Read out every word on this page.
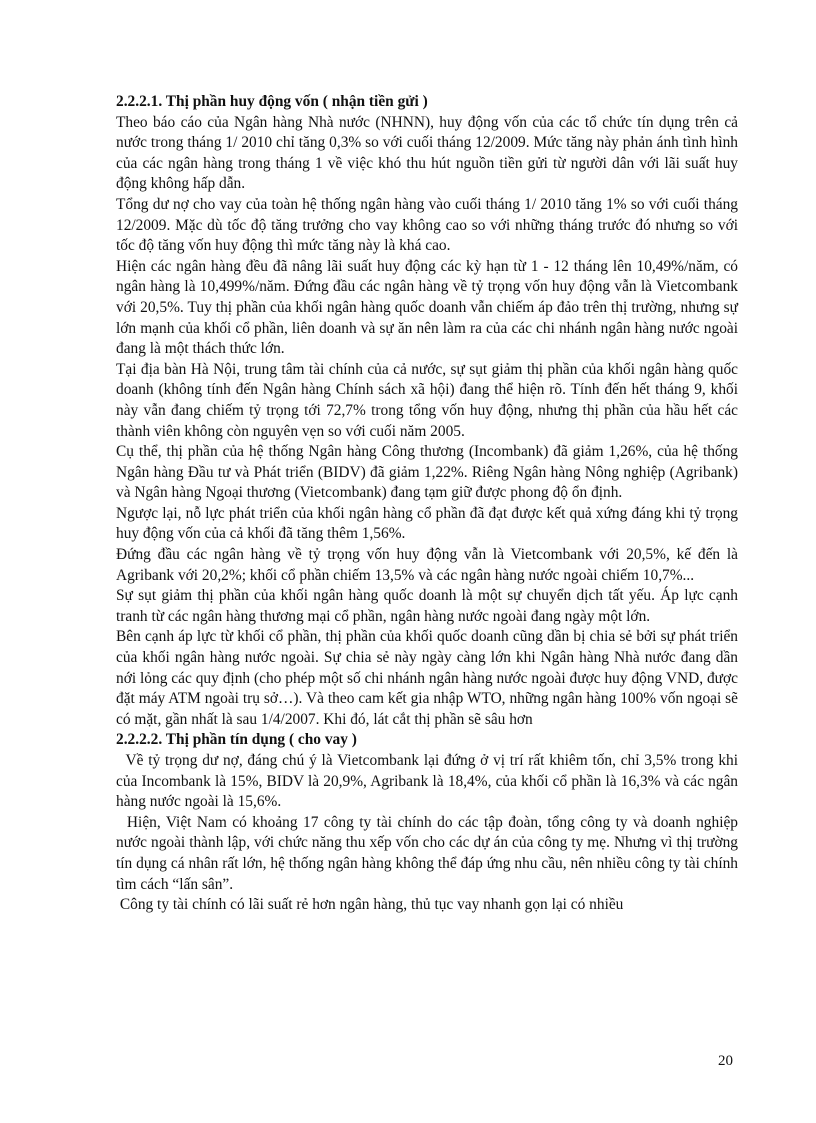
2.2.2.1. Thị phần huy động vốn ( nhận tiền gửi )

Theo báo cáo của Ngân hàng Nhà nước (NHNN), huy động vốn của các tổ chức tín dụng trên cả nước trong tháng 1/ 2010 chỉ tăng 0,3% so với cuối tháng 12/2009. Mức tăng này phản ánh tình hình của các ngân hàng trong tháng 1 về việc khó thu hút nguồn tiền gửi từ người dân với lãi suất huy động không hấp dẫn.

Tổng dư nợ cho vay của toàn hệ thống ngân hàng vào cuối tháng 1/ 2010 tăng 1% so với cuối tháng 12/2009. Mặc dù tốc độ tăng trưởng cho vay không cao so với những tháng trước đó nhưng so với tốc độ tăng vốn huy động thì mức tăng này là khá cao.

Hiện các ngân hàng đều đã nâng lãi suất huy động các kỳ hạn từ 1 - 12 tháng lên 10,49%/năm, có ngân hàng là 10,499%/năm. Đứng đầu các ngân hàng về tỷ trọng vốn huy động vẫn là Vietcombank với 20,5%. Tuy thị phần của khối ngân hàng quốc doanh vẫn chiếm áp đảo trên thị trường, nhưng sự lớn mạnh của khối cổ phần, liên doanh và sự ăn nên làm ra của các chi nhánh ngân hàng nước ngoài đang là một thách thức lớn.

Tại địa bàn Hà Nội, trung tâm tài chính của cả nước, sự sụt giảm thị phần của khối ngân hàng quốc doanh (không tính đến Ngân hàng Chính sách xã hội) đang thể hiện rõ. Tính đến hết tháng 9, khối này vẫn đang chiếm tỷ trọng tới 72,7% trong tổng vốn huy động, nhưng thị phần của hầu hết các thành viên không còn nguyên vẹn so với cuối năm 2005.

Cụ thể, thị phần của hệ thống Ngân hàng Công thương (Incombank) đã giảm 1,26%, của hệ thống Ngân hàng Đầu tư và Phát triển (BIDV) đã giảm 1,22%. Riêng Ngân hàng Nông nghiệp (Agribank) và Ngân hàng Ngoại thương (Vietcombank) đang tạm giữ được phong độ ổn định.

Ngược lại, nỗ lực phát triển của khối ngân hàng cổ phần đã đạt được kết quả xứng đáng khi tỷ trọng huy động vốn của cả khối đã tăng thêm 1,56%.

Đứng đầu các ngân hàng về tỷ trọng vốn huy động vẫn là Vietcombank với 20,5%, kế đến là Agribank với 20,2%; khối cổ phần chiếm 13,5% và các ngân hàng nước ngoài chiếm 10,7%...

Sự sụt giảm thị phần của khối ngân hàng quốc doanh là một sự chuyển dịch tất yếu. Áp lực cạnh tranh từ các ngân hàng thương mại cổ phần, ngân hàng nước ngoài đang ngày một lớn.

Bên cạnh áp lực từ khối cổ phần, thị phần của khối quốc doanh cũng dần bị chia sẻ bởi sự phát triển của khối ngân hàng nước ngoài. Sự chia sẻ này ngày càng lớn khi Ngân hàng Nhà nước đang dần nới lỏng các quy định (cho phép một số chi nhánh ngân hàng nước ngoài được huy động VND, được đặt máy ATM ngoài trụ sở…). Và theo cam kết gia nhập WTO, những ngân hàng 100% vốn ngoại sẽ có mặt, gần nhất là sau 1/4/2007. Khi đó, lát cắt thị phần sẽ sâu hơn

2.2.2.2. Thị phần tín dụng ( cho vay )

Về tỷ trọng dư nợ, đáng chú ý là Vietcombank lại đứng ở vị trí rất khiêm tốn, chỉ 3,5% trong khi của Incombank là 15%, BIDV là 20,9%, Agribank là 18,4%, của khối cổ phần là 16,3% và các ngân hàng nước ngoài là 15,6%.

Hiện, Việt Nam có khoảng 17 công ty tài chính do các tập đoàn, tổng công ty và doanh nghiệp nước ngoài thành lập, với chức năng thu xếp vốn cho các dự án của công ty mẹ. Nhưng vì thị trường tín dụng cá nhân rất lớn, hệ thống ngân hàng không thể đáp ứng nhu cầu, nên nhiều công ty tài chính tìm cách “lấn sân”.

Công ty tài chính có lãi suất rẻ hơn ngân hàng, thủ tục vay nhanh gọn lại có nhiều

20
